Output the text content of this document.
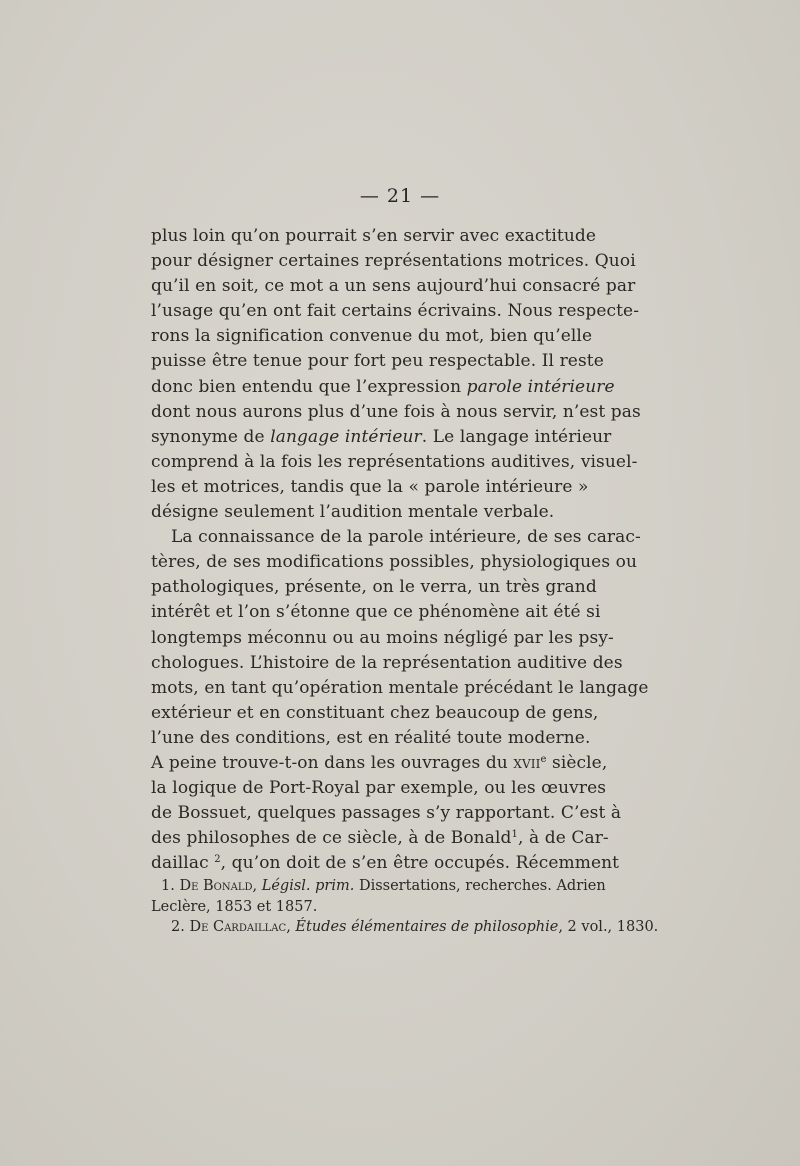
— 21 —

plus loin qu’on pourrait s’en servir avec exactitude
pour désigner certaines représentations motrices. Quoi
qu’il en soit, ce mot a un sens aujourd’hui consacré par
l’usage qu’en ont fait certains écrivains. Nous respecte-
rons la signification convenue du mot, bien qu’elle
puisse être tenue pour fort peu respectable. Il reste
donc bien entendu que l’expression parole intérieure
dont nous aurons plus d’une fois à nous servir, n’est pas
synonyme de langage intérieur. Le langage intérieur
comprend à la fois les représentations auditives, visuel-
les et motrices, tandis que la « parole intérieure »
désigne seulement l’audition mentale verbale.

La connaissance de la parole intérieure, de ses carac-
tères, de ses modifications possibles, physiologiques ou
pathologiques, présente, on le verra, un très grand
intérêt et l’on s’étonne que ce phénomène ait été si
longtemps méconnu ou au moins négligé par les psy-
chologues. L’histoire de la représentation auditive des
mots, en tant qu’opération mentale précédant le langage
extérieur et en constituant chez beaucoup de gens,
l’une des conditions, est en réalité toute moderne.
A peine trouve-t-on dans les ouvrages du xvii$^e$ siècle,
la logique de Port-Royal par exemple, ou les œuvres
de Bossuet, quelques passages s’y rapportant. C’est à
des philosophes de ce siècle, à de Bonald$^1$, à de Car-
daillac $^2$, qu’on doit de s’en être occupés. Récemment

1. De Bonald, Législ. prim. Dissertations, recherches. Adrien
Leclère, 1853 et 1857.
2. De Cardaillac, Études élémentaires de philosophie, 2 vol., 1830.
